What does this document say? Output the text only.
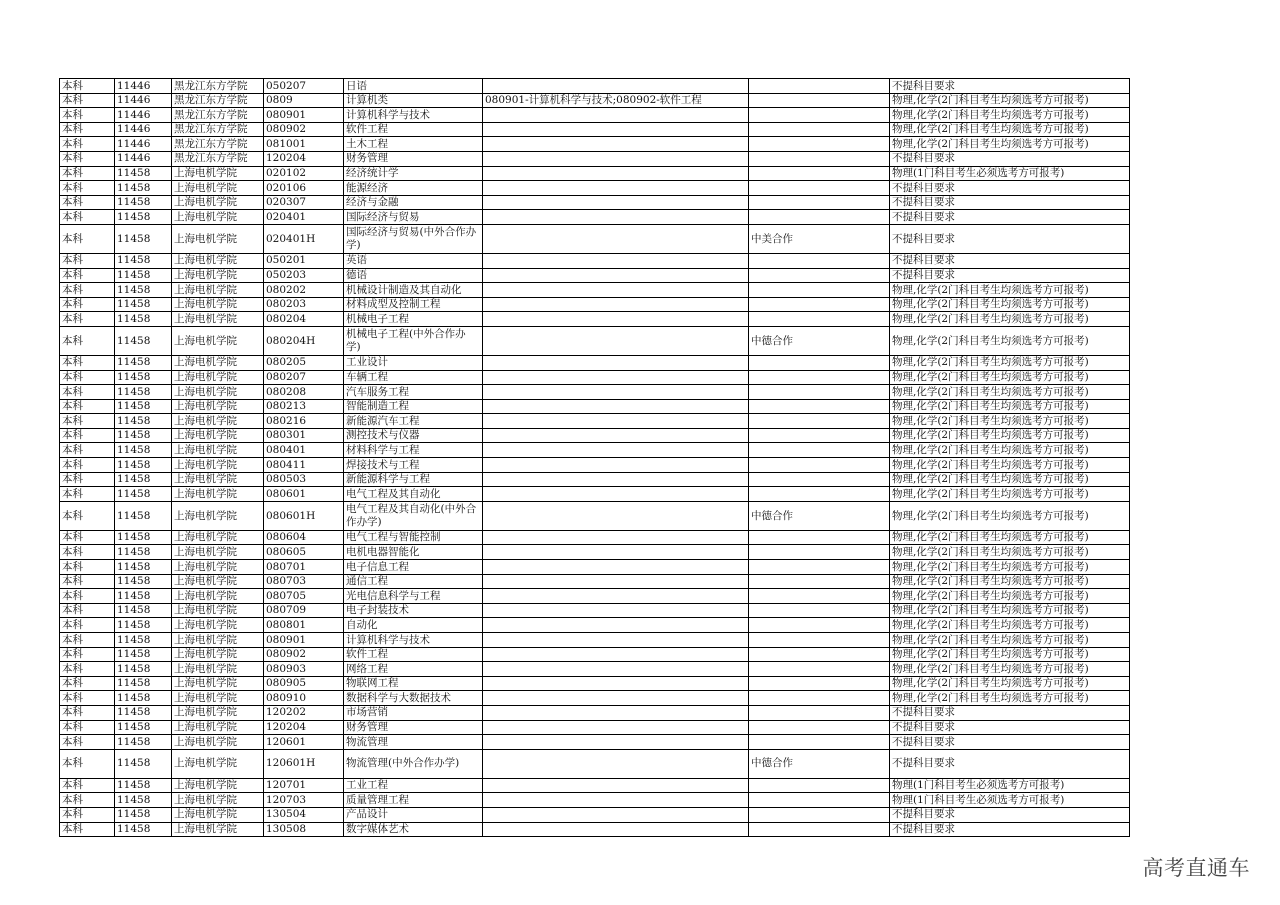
本科	11446	黑龙江东方学院	050207	日语			不提科目要求
本科	11446	黑龙江东方学院	0809	计算机类	080901-计算机科学与技术;080902-软件工程		物理,化学(2门科目考生均须选考方可报考)
本科	11446	黑龙江东方学院	080901	计算机科学与技术			物理,化学(2门科目考生均须选考方可报考)
本科	11446	黑龙江东方学院	080902	软件工程			物理,化学(2门科目考生均须选考方可报考)
本科	11446	黑龙江东方学院	081001	土木工程			物理,化学(2门科目考生均须选考方可报考)
本科	11446	黑龙江东方学院	120204	财务管理			不提科目要求
本科	11458	上海电机学院	020102	经济统计学			物理(1门科目考生必须选考方可报考)
本科	11458	上海电机学院	020106	能源经济			不提科目要求
本科	11458	上海电机学院	020307	经济与金融			不提科目要求
本科	11458	上海电机学院	020401	国际经济与贸易			不提科目要求
本科	11458	上海电机学院	020401H	国际经济与贸易(中外合作办学)		中美合作	不提科目要求
本科	11458	上海电机学院	050201	英语			不提科目要求
本科	11458	上海电机学院	050203	德语			不提科目要求
本科	11458	上海电机学院	080202	机械设计制造及其自动化			物理,化学(2门科目考生均须选考方可报考)
本科	11458	上海电机学院	080203	材料成型及控制工程			物理,化学(2门科目考生均须选考方可报考)
本科	11458	上海电机学院	080204	机械电子工程			物理,化学(2门科目考生均须选考方可报考)
本科	11458	上海电机学院	080204H	机械电子工程(中外合作办学)		中德合作	物理,化学(2门科目考生均须选考方可报考)
本科	11458	上海电机学院	080205	工业设计			物理,化学(2门科目考生均须选考方可报考)
本科	11458	上海电机学院	080207	车辆工程			物理,化学(2门科目考生均须选考方可报考)
本科	11458	上海电机学院	080208	汽车服务工程			物理,化学(2门科目考生均须选考方可报考)
本科	11458	上海电机学院	080213	智能制造工程			物理,化学(2门科目考生均须选考方可报考)
本科	11458	上海电机学院	080216	新能源汽车工程			物理,化学(2门科目考生均须选考方可报考)
本科	11458	上海电机学院	080301	测控技术与仪器			物理,化学(2门科目考生均须选考方可报考)
本科	11458	上海电机学院	080401	材料科学与工程			物理,化学(2门科目考生均须选考方可报考)
本科	11458	上海电机学院	080411	焊接技术与工程			物理,化学(2门科目考生均须选考方可报考)
本科	11458	上海电机学院	080503	新能源科学与工程			物理,化学(2门科目考生均须选考方可报考)
本科	11458	上海电机学院	080601	电气工程及其自动化			物理,化学(2门科目考生均须选考方可报考)
本科	11458	上海电机学院	080601H	电气工程及其自动化(中外合作办学)		中德合作	物理,化学(2门科目考生均须选考方可报考)
本科	11458	上海电机学院	080604	电气工程与智能控制			物理,化学(2门科目考生均须选考方可报考)
本科	11458	上海电机学院	080605	电机电器智能化			物理,化学(2门科目考生均须选考方可报考)
本科	11458	上海电机学院	080701	电子信息工程			物理,化学(2门科目考生均须选考方可报考)
本科	11458	上海电机学院	080703	通信工程			物理,化学(2门科目考生均须选考方可报考)
本科	11458	上海电机学院	080705	光电信息科学与工程			物理,化学(2门科目考生均须选考方可报考)
本科	11458	上海电机学院	080709	电子封装技术			物理,化学(2门科目考生均须选考方可报考)
本科	11458	上海电机学院	080801	自动化			物理,化学(2门科目考生均须选考方可报考)
本科	11458	上海电机学院	080901	计算机科学与技术			物理,化学(2门科目考生均须选考方可报考)
本科	11458	上海电机学院	080902	软件工程			物理,化学(2门科目考生均须选考方可报考)
本科	11458	上海电机学院	080903	网络工程			物理,化学(2门科目考生均须选考方可报考)
本科	11458	上海电机学院	080905	物联网工程			物理,化学(2门科目考生均须选考方可报考)
本科	11458	上海电机学院	080910	数据科学与大数据技术			物理,化学(2门科目考生均须选考方可报考)
本科	11458	上海电机学院	120202	市场营销			不提科目要求
本科	11458	上海电机学院	120204	财务管理			不提科目要求
本科	11458	上海电机学院	120601	物流管理			不提科目要求
本科	11458	上海电机学院	120601H	物流管理(中外合作办学)		中德合作	不提科目要求
本科	11458	上海电机学院	120701	工业工程			物理(1门科目考生必须选考方可报考)
本科	11458	上海电机学院	120703	质量管理工程			物理(1门科目考生必须选考方可报考)
本科	11458	上海电机学院	130504	产品设计			不提科目要求
本科	11458	上海电机学院	130508	数字媒体艺术			不提科目要求
高考直通车
